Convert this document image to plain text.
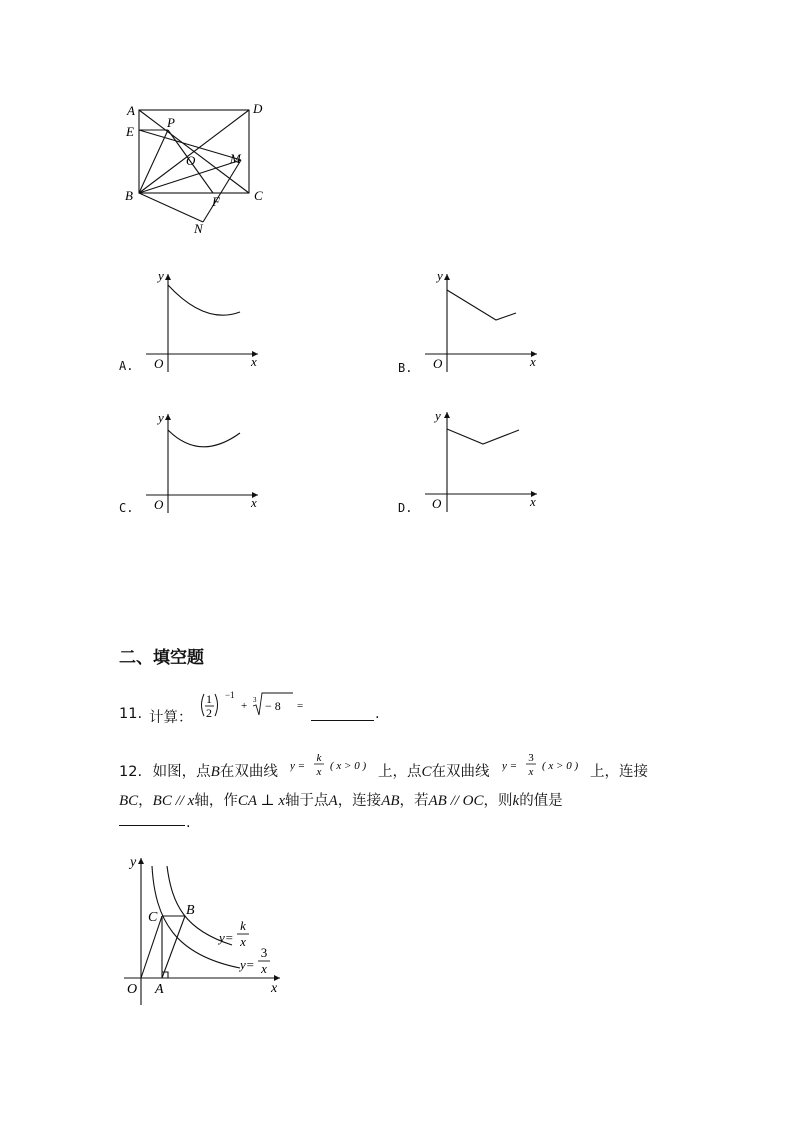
A	D
E
P
O	M
B	F	C
N
y
x
O
A.
y
x
O
B.
y
x
O
C.
y
x
O
D.
二、填空题
11. 计算：
1
2
−1
+ 3 − 8 =	.
12. 如图，点B在双曲线 y =
k
x ( x > 0 ) 上，点C在双曲线 y =
3
x ( x > 0 ) 上，连接
BC，BC // x轴，作CA ⊥ x轴于点A，连接AB，若AB // OC，则k的值是
.
y
x
O A
B
C
y=
k
x
y=
3
x
